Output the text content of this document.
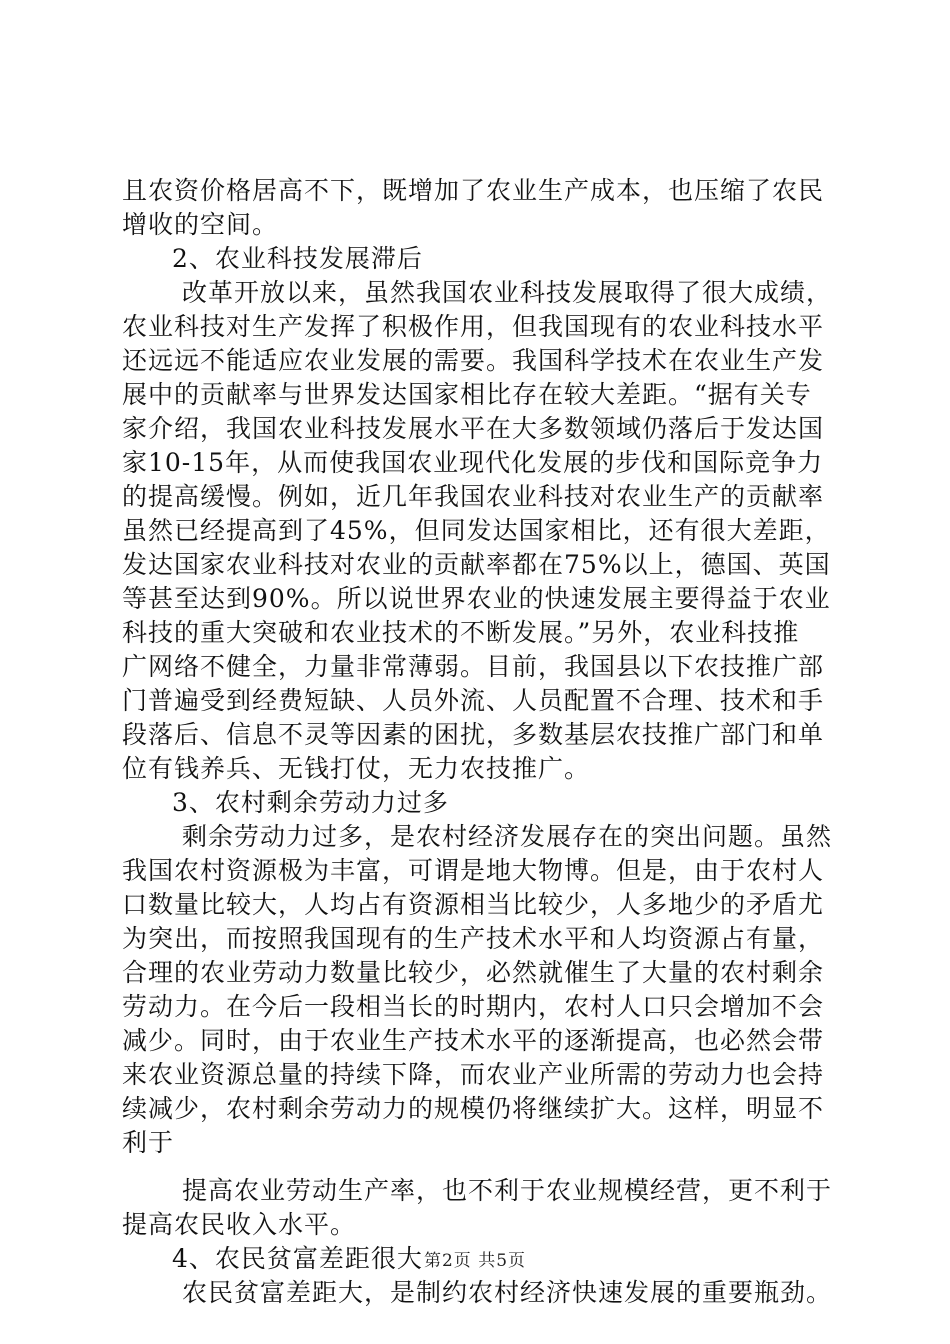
且农资价格居高不下，既增加了农业生产成本，也压缩了农民
增收的空间。
2、农业科技发展滞后
改革开放以来，虽然我国农业科技发展取得了很大成绩，
农业科技对生产发挥了积极作用，但我国现有的农业科技水平
还远远不能适应农业发展的需要。我国科学技术在农业生产发
展中的贡献率与世界发达国家相比存在较大差距。“据有关专
家介绍，我国农业科技发展水平在大多数领域仍落后于发达国
家10-15年，从而使我国农业现代化发展的步伐和国际竞争力
的提高缓慢。例如，近几年我国农业科技对农业生产的贡献率
虽然已经提高到了45%，但同发达国家相比，还有很大差距，
发达国家农业科技对农业的贡献率都在75%以上，德国、英国
等甚至达到90%。所以说世界农业的快速发展主要得益于农业
科技的重大突破和农业技术的不断发展。”另外，农业科技推
广网络不健全，力量非常薄弱。目前，我国县以下农技推广部
门普遍受到经费短缺、人员外流、人员配置不合理、技术和手
段落后、信息不灵等因素的困扰，多数基层农技推广部门和单
位有钱养兵、无钱打仗，无力农技推广。
3、农村剩余劳动力过多
剩余劳动力过多，是农村经济发展存在的突出问题。虽然
我国农村资源极为丰富，可谓是地大物博。但是，由于农村人
口数量比较大，人均占有资源相当比较少，人多地少的矛盾尤
为突出，而按照我国现有的生产技术水平和人均资源占有量，
合理的农业劳动力数量比较少，必然就催生了大量的农村剩余
劳动力。在今后一段相当长的时期内，农村人口只会增加不会
减少。同时，由于农业生产技术水平的逐渐提高，也必然会带
来农业资源总量的持续下降，而农业产业所需的劳动力也会持
续减少，农村剩余劳动力的规模仍将继续扩大。这样，明显不
利于
提高农业劳动生产率，也不利于农业规模经营，更不利于
提高农民收入水平。
4、农民贫富差距很大
农民贫富差距大，是制约农村经济快速发展的重要瓶劲。
第2页 共5页
